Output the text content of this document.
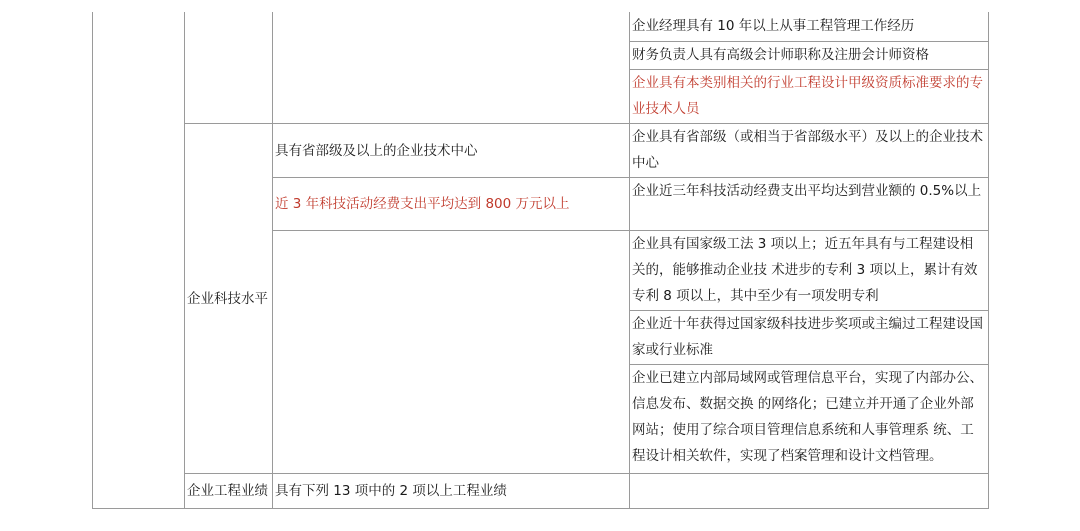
企业经理具有 10 年以上从事工程管理工作经历
财务负责人具有高级会计师职称及注册会计师资格
企业具有本类别相关的行业工程设计甲级资质标准要求的专业技术人员
企业科技水平
具有省部级及以上的企业技术中心
近 3 年科技活动经费支出平均达到 800 万元以上
企业具有省部级（或相当于省部级水平）及以上的企业技术中心
企业近三年科技活动经费支出平均达到营业额的 0.5%以上
企业具有国家级工法 3 项以上；近五年具有与工程建设相关的，能够推动企业技 术进步的专利 3 项以上，累计有效专利 8 项以上，其中至少有一项发明专利
企业近十年获得过国家级科技进步奖项或主编过工程建设国家或行业标准
企业已建立内部局域网或管理信息平台，实现了内部办公、信息发布、数据交换 的网络化；已建立并开通了企业外部网站；使用了综合项目管理信息系统和人事管理系 统、工程设计相关软件，实现了档案管理和设计文档管理。
企业工程业绩 具有下列 13 项中的 2 项以上工程业绩
